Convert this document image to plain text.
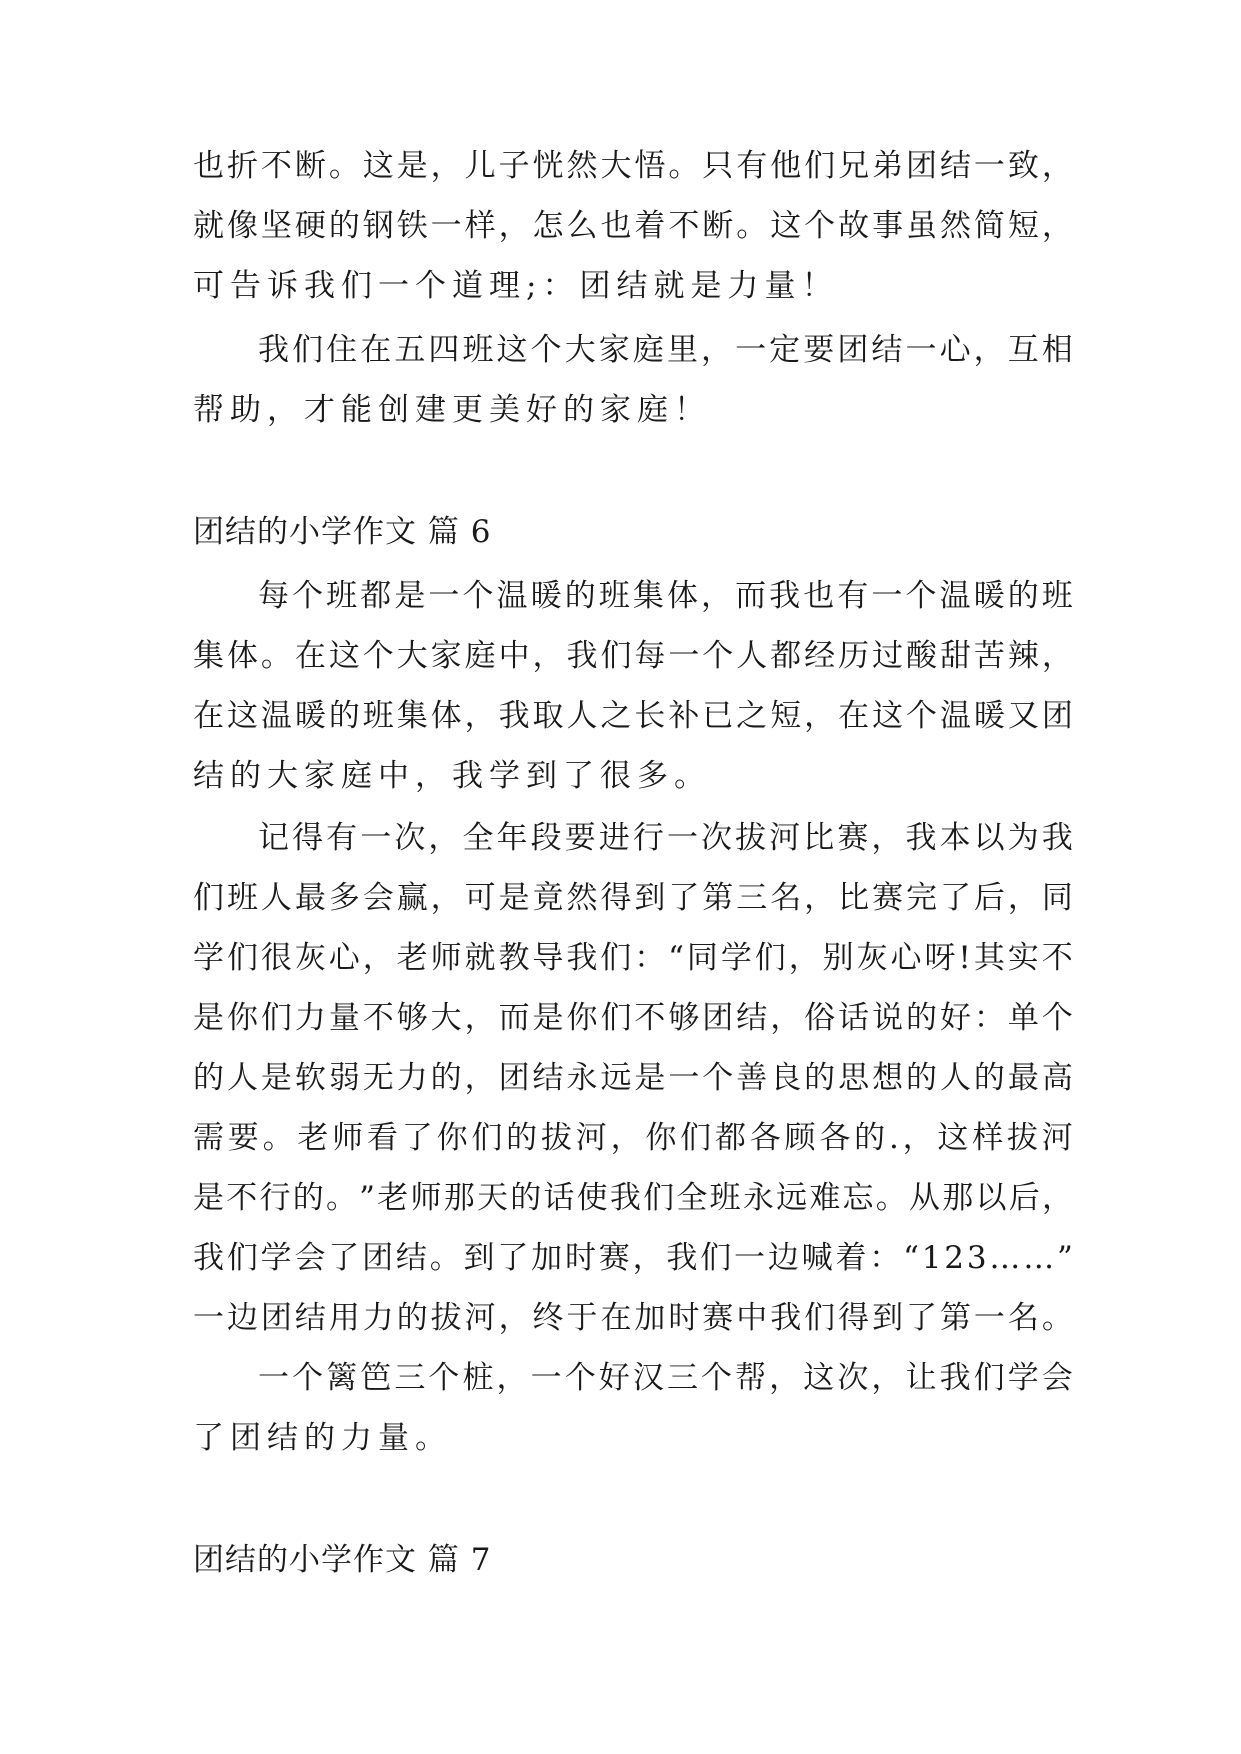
也 折 不 断 。 这 是 ， 儿 子 恍 然 大 悟 。 只 有 他 们 兄 弟 团 结 一 致 ，
就 像 坚 硬 的 钢 铁 一 样 ， 怎 么 也 着 不 断 。 这 个 故 事 虽 然 简 短 ，
可告诉我们一个道理;：团结就是力量！
我 们 住 在 五 四 班 这 个 大 家 庭 里 ， 一 定 要 团 结 一 心 ， 互 相
帮助，才能创建更美好的家庭！
团结的小学作文 篇 6
每 个 班 都 是 一 个 温 暖 的 班 集 体 ， 而 我 也 有 一 个 温 暖 的 班
集 体 。 在 这 个 大 家 庭 中 ， 我 们 每 一 个 人 都 经 历 过 酸 甜 苦 辣 ，
在 这 温 暖 的 班 集 体 ， 我 取 人 之 长 补 已 之 短 ， 在 这 个 温 暖 又 团
结的大家庭中，我学到了很多。
记 得 有 一 次 ， 全 年 段 要 进 行 一 次 拔 河 比 赛 ， 我 本 以 为 我
们 班 人 最 多 会 赢 ， 可 是 竟 然 得 到 了 第 三 名 ， 比 赛 完 了 后 ， 同
学 们 很 灰 心 ， 老 师 就 教 导 我 们 ： “ 同 学 们 ， 别 灰 心 呀 ! 其 实 不
是 你 们 力 量 不 够 大 ， 而 是 你 们 不 够 团 结 ， 俗 话 说 的 好 ： 单 个
的 人 是 软 弱 无 力 的 ， 团 结 永 远 是 一 个 善 良 的 思 想 的 人 的 最 高
需 要 。 老 师 看 了 你 们 的 拔 河 ， 你 们 都 各 顾 各 的 . ， 这 样 拔 河
是 不 行 的 。 ” 老 师 那 天 的 话 使 我 们 全 班 永 远 难 忘 。 从 那 以 后 ，
我 们 学 会 了 团 结 。 到 了 加 时 赛 ， 我 们 一 边 喊 着 ： “ 1 2 3 … … ”
一 边 团 结 用 力 的 拔 河 ， 终 于 在 加 时 赛 中 我 们 得 到 了 第 一 名 。
一 个 篱 笆 三 个 桩 ， 一 个 好 汉 三 个 帮 ， 这 次 ， 让 我 们 学 会
了团结的力量。
团结的小学作文 篇 7
